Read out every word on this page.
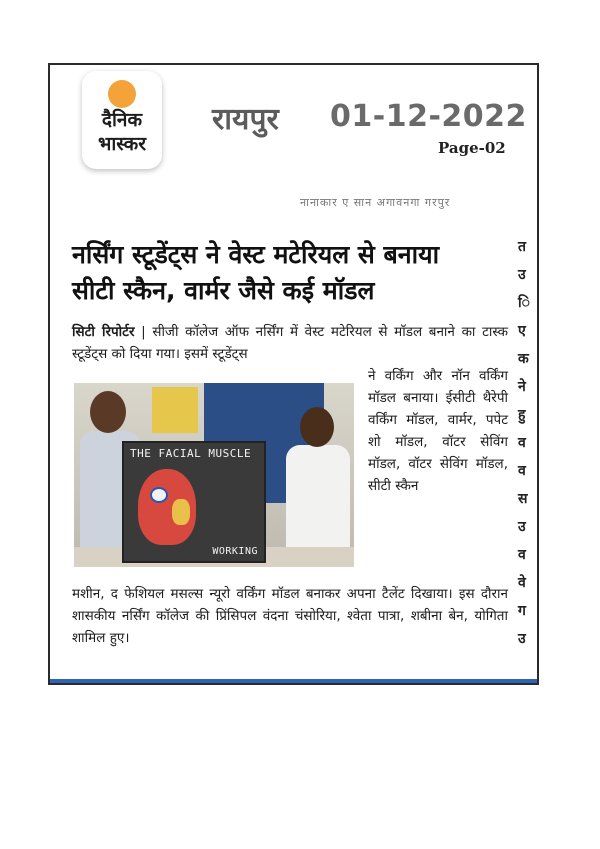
दैनिक
भास्कर
रायपुर 01-12-2022
Page-02
नानाकार ए सान अगावनगा गरपुर
नर्सिंग स्टूडेंट्स ने वेस्ट मटेरियल से बनाया
सीटी स्कैन, वार्मर जैसे कई मॉडल
सिटी रिपोर्टर | सीजी कॉलेज ऑफ नर्सिंग में वेस्ट मटेरियल से मॉडल बनाने का टास्क स्टूडेंट्स को दिया गया। इसमें स्टूडेंट्स
THE FACIAL MUSCLE
WORKING
ने वर्किंग और नॉन वर्किंग मॉडल बनाया। ईसीटी थैरेपी वर्किंग मॉडल, वार्मर, पपेट शो मॉडल, वॉटर सेविंग मॉडल, वॉटर सेविंग मॉडल, सीटी स्कैन
मशीन, द फेशियल मसल्स न्यूरो वर्किंग मॉडल बनाकर अपना टैलेंट दिखाया। इस दौरान शासकीय नर्सिंग कॉलेज की प्रिंसिपल वंदना चंसोरिया, श्वेता पात्रा, शबीना बेन, योगिता शामिल हुए।
त
उ
ि
ए
क
ने
हु
व
व
स
उ
व
वे
ग
उ
